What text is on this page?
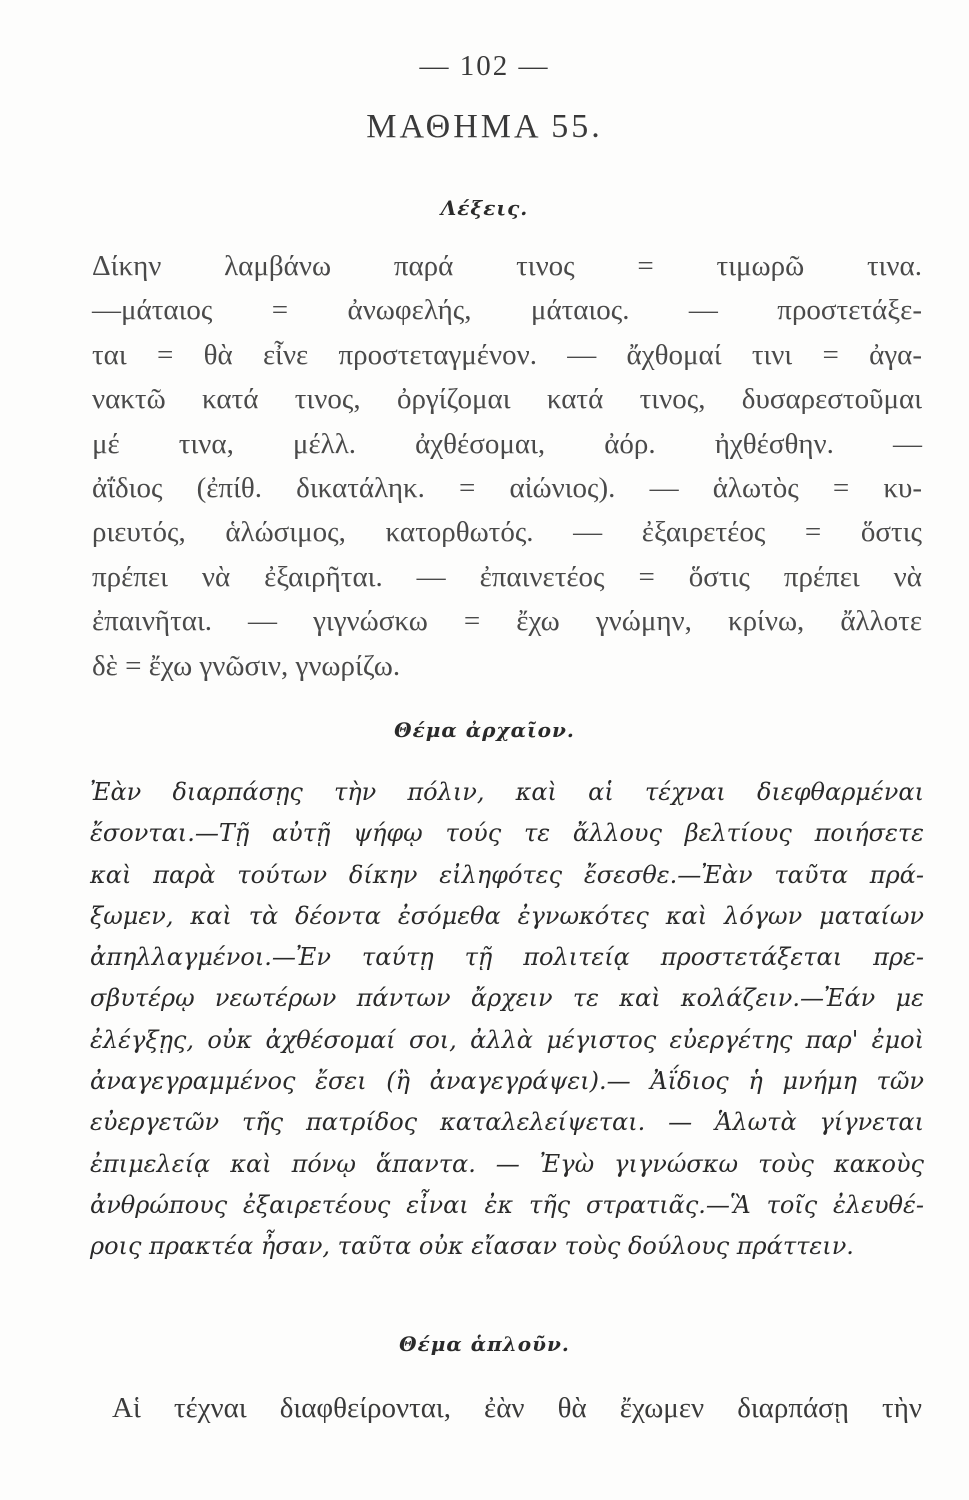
— 102 —
ΜΑΘΗΜΑ 55.
Λέξεις.
Δίκην λαμβάνω παρά τινος = τιμωρῶ τινα.
—μάταιος = ἀνωφελής, μάταιος. — προστετάξε-
ται = θὰ εἶνε προστεταγμένον. — ἄχθομαί τινι = ἀγα-
νακτῶ κατά τινος, ὀργίζομαι κατά τινος, δυσαρεστοῦμαι
μέ τινα, μέλλ. ἀχθέσομαι, ἀόρ. ἠχθέσθην. —
ἀΐδιος (ἐπίθ. δικατάληκ. = αἰώνιος). — ἁλωτὸς = κυ-
ριευτός, ἁλώσιμος, κατορθωτός. — ἐξαιρετέος = ὅστις
πρέπει νὰ ἐξαιρῆται. — ἐπαινετέος = ὅστις πρέπει νὰ
ἐπαινῆται. — γιγνώσκω = ἔχω γνώμην, κρίνω, ἄλλοτε
δὲ = ἔχω γνῶσιν, γνωρίζω.
Θέμα ἀρχαῖον.
Ἐὰν διαρπάσῃς τὴν πόλιν, καὶ αἱ τέχναι διεφθαρμέναι
ἔσονται.—Τῇ αὐτῇ ψήφῳ τούς τε ἄλλους βελτίους ποιήσετε
καὶ παρὰ τούτων δίκην εἰληφότες ἔσεσθε.—Ἐὰν ταῦτα πρά-
ξωμεν, καὶ τὰ δέοντα ἐσόμεθα ἐγνωκότες καὶ λόγων ματαίων
ἀπηλλαγμένοι.—Ἐν ταύτῃ τῇ πολιτείᾳ προστετάξεται πρε-
σβυτέρῳ νεωτέρων πάντων ἄρχειν τε καὶ κολάζειν.—Ἐάν με
ἐλέγξῃς, οὐκ ἀχθέσομαί σοι, ἀλλὰ μέγιστος εὐεργέτης παρ' ἐμοὶ
ἀναγεγραμμένος ἔσει (ἢ ἀναγεγράψει).— Ἀΐδιος ἡ μνήμη τῶν
εὐεργετῶν τῆς πατρίδος καταλελείψεται. — Ἁλωτὰ γίγνεται
ἐπιμελείᾳ καὶ πόνῳ ἅπαντα. — Ἐγὼ γιγνώσκω τοὺς κακοὺς
ἀνθρώπους ἐξαιρετέους εἶναι ἐκ τῆς στρατιᾶς.—Ἃ τοῖς ἐλευθέ-
ροις πρακτέα ἦσαν, ταῦτα οὐκ εἴασαν τοὺς δούλους πράττειν.
Θέμα ἁπλοῦν.
Αἱ τέχναι διαφθείρονται, ἐὰν θὰ ἔχωμεν διαρπάσῃ τὴν
